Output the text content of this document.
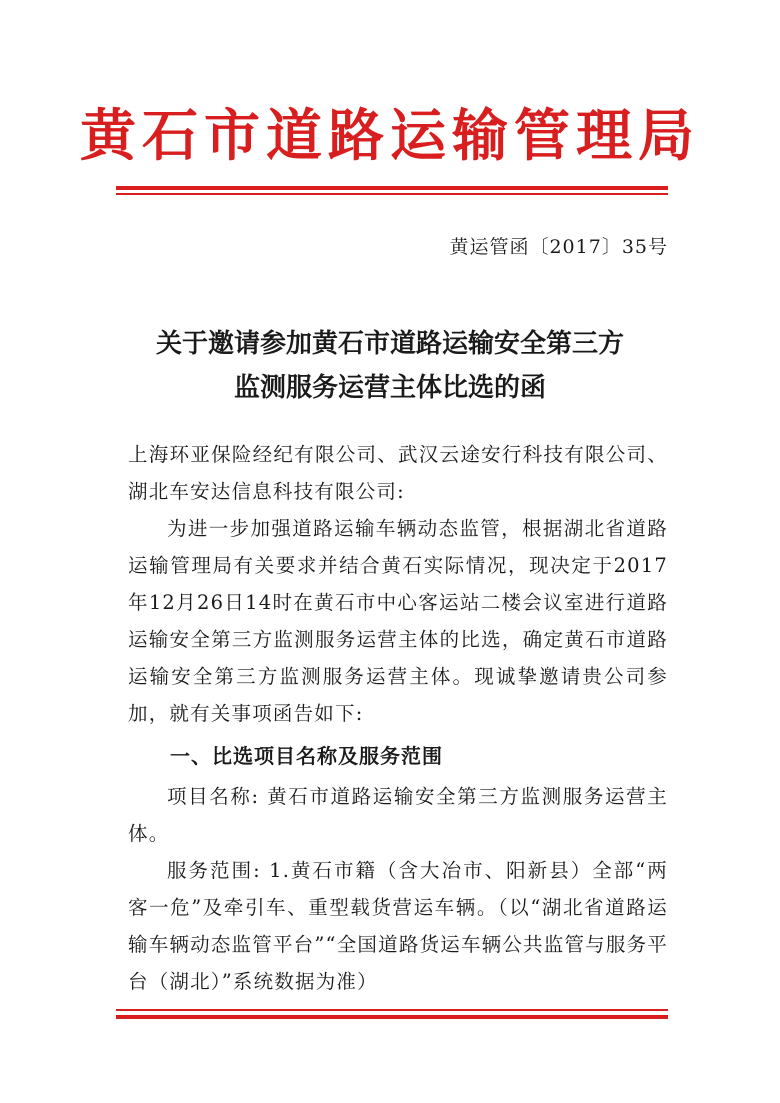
黄石市道路运输管理局
黄运管函〔2017〕35号
关于邀请参加黄石市道路运输安全第三方
监测服务运营主体比选的函

上海环亚保险经纪有限公司、武汉云途安行科技有限公司、湖北车安达信息科技有限公司:

为进一步加强道路运输车辆动态监管，根据湖北省道路运输管理局有关要求并结合黄石实际情况，现决定于2017年12月26日14时在黄石市中心客运站二楼会议室进行道路运输安全第三方监测服务运营主体的比选，确定黄石市道路运输安全第三方监测服务运营主体。现诚挚邀请贵公司参加，就有关事项函告如下:

一、比选项目名称及服务范围

项目名称: 黄石市道路运输安全第三方监测服务运营主体。

服务范围: 1.黄石市籍（含大冶市、阳新县）全部“两客一危”及牵引车、重型载货营运车辆。（以“湖北省道路运输车辆动态监管平台”“全国道路货运车辆公共监管与服务平台（湖北）”系统数据为准）
